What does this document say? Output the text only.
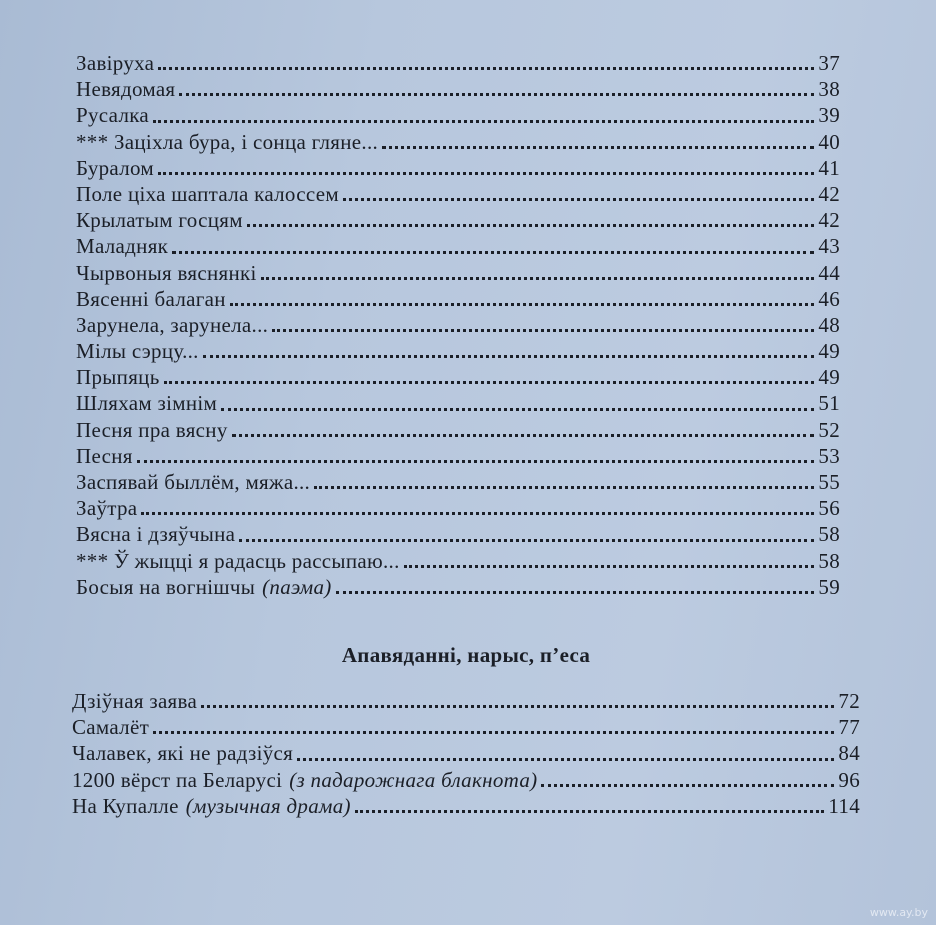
Завіруха	37
Невядомая	38
Русалка	39
*** Заціхла бура, і сонца гляне...	40
Буралом	41
Поле ціха шаптала калоссем	42
Крылатым госцям	42
Маладняк	43
Чырвоныя вяснянкі	44
Вясенні балаган	46
Зарунела, зарунела...	48
Мілы сэрцу...	49
Прыпяць	49
Шляхам зімнім	51
Песня пра вясну	52
Песня	53
Заспявай быллём, мяжа...	55
Заўтра	56
Вясна і дзяўчына	58
*** Ў жыцці я радасць рассыпаю...	58
Босыя на вогнішчы (паэма)	59
Апавяданні, нарыс, п’еса
Дзіўная заява	72
Самалёт	77
Чалавек, які не радзіўся	84
1200 вёрст па Беларусі (з падарожнага блакнота)	96
На Купалле (музычная драма)	114
www.ay.by
